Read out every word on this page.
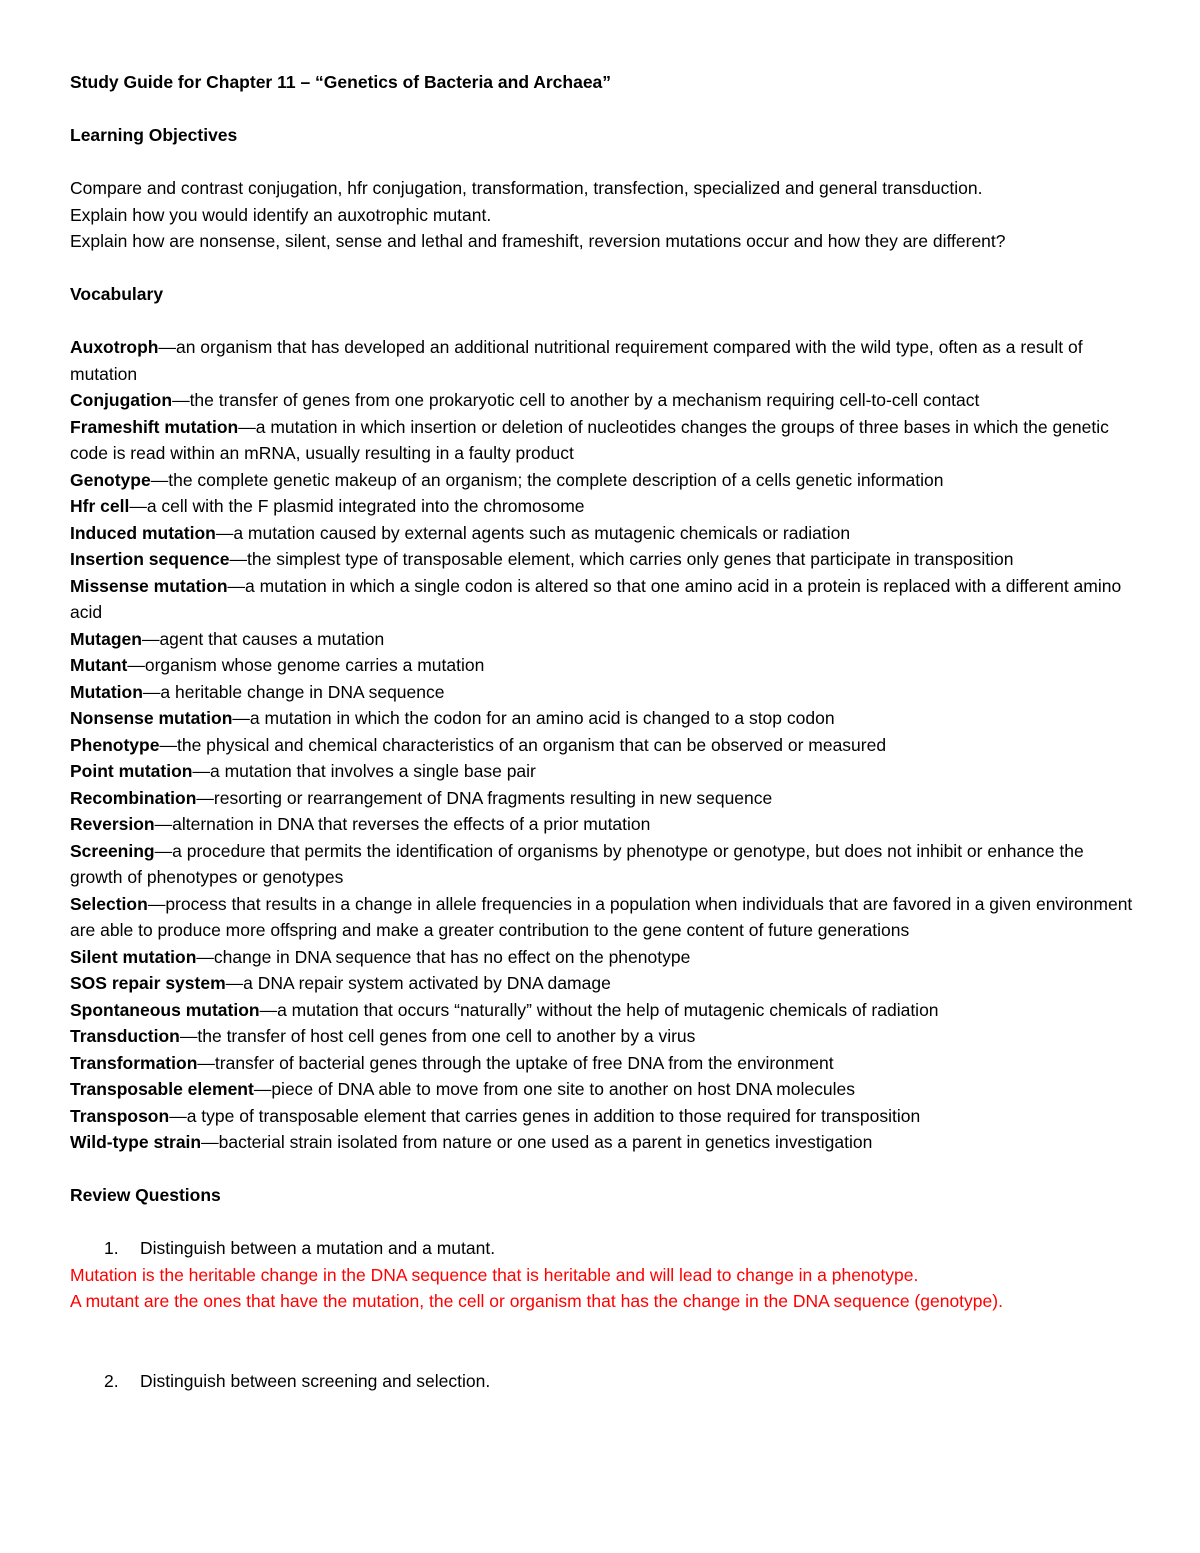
Study Guide for Chapter 11 – “Genetics of Bacteria and Archaea”

Learning Objectives

Compare and contrast conjugation, hfr conjugation, transformation, transfection, specialized and general transduction.

Explain how you would identify an auxotrophic mutant.

Explain how are nonsense, silent, sense and lethal and frameshift, reversion mutations occur and how they are different?

Vocabulary

Auxotroph—an organism that has developed an additional nutritional requirement compared with the wild type, often as a result of mutation

Conjugation—the transfer of genes from one prokaryotic cell to another by a mechanism requiring cell-to-cell contact

Frameshift mutation—a mutation in which insertion or deletion of nucleotides changes the groups of three bases in which the genetic code is read within an mRNA, usually resulting in a faulty product

Genotype—the complete genetic makeup of an organism; the complete description of a cells genetic information

Hfr cell—a cell with the F plasmid integrated into the chromosome

Induced mutation—a mutation caused by external agents such as mutagenic chemicals or radiation

Insertion sequence—the simplest type of transposable element, which carries only genes that participate in transposition

Missense mutation—a mutation in which a single codon is altered so that one amino acid in a protein is replaced with a different amino acid

Mutagen—agent that causes a mutation

Mutant—organism whose genome carries a mutation

Mutation—a heritable change in DNA sequence

Nonsense mutation—a mutation in which the codon for an amino acid is changed to a stop codon

Phenotype—the physical and chemical characteristics of an organism that can be observed or measured

Point mutation—a mutation that involves a single base pair

Recombination—resorting or rearrangement of DNA fragments resulting in new sequence

Reversion—alternation in DNA that reverses the effects of a prior mutation

Screening—a procedure that permits the identification of organisms by phenotype or genotype, but does not inhibit or enhance the growth of phenotypes or genotypes

Selection—process that results in a change in allele frequencies in a population when individuals that are favored in a given environment are able to produce more offspring and make a greater contribution to the gene content of future generations

Silent mutation—change in DNA sequence that has no effect on the phenotype

SOS repair system—a DNA repair system activated by DNA damage

Spontaneous mutation—a mutation that occurs “naturally” without the help of mutagenic chemicals of radiation

Transduction—the transfer of host cell genes from one cell to another by a virus

Transformation—transfer of bacterial genes through the uptake of free DNA from the environment

Transposable element—piece of DNA able to move from one site to another on host DNA molecules

Transposon—a type of transposable element that carries genes in addition to those required for transposition

Wild-type strain—bacterial strain isolated from nature or one used as a parent in genetics investigation

Review Questions

1.	Distinguish between a mutation and a mutant.

Mutation is the heritable change in the DNA sequence that is heritable and will lead to change in a phenotype.

A mutant are the ones that have the mutation, the cell or organism that has the change in the DNA sequence (genotype).

2.	Distinguish between screening and selection.
